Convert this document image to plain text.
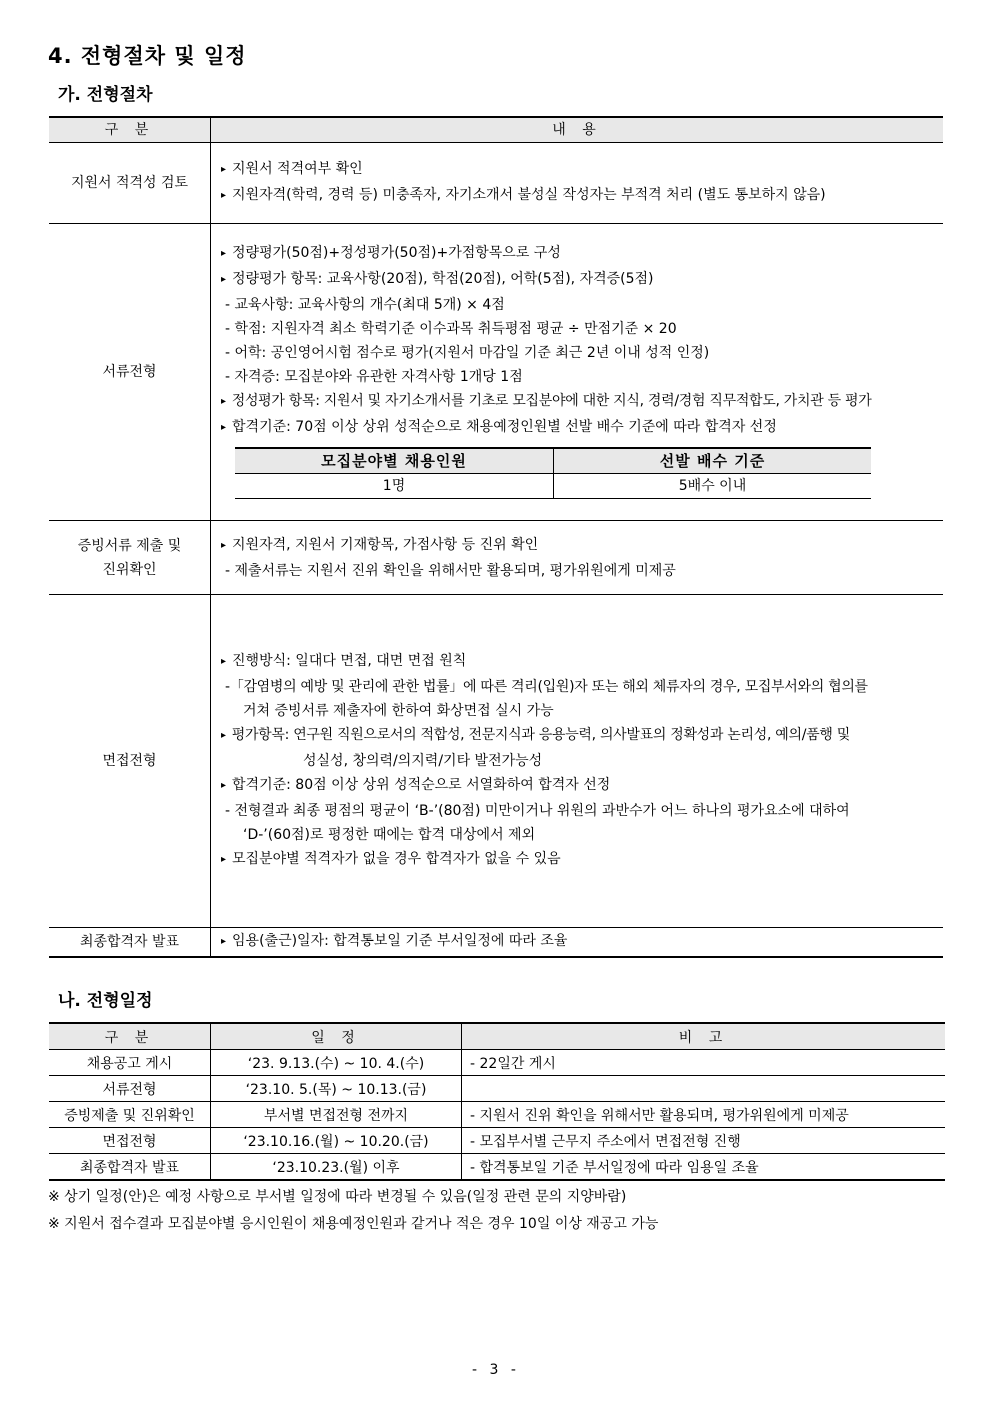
4. 전형절차 및 일정
가. 전형절차
구 분	내 용
지원서 적격성 검토	
▸ 지원서 적격여부 확인
▸ 지원자격(학력, 경력 등) 미충족자, 자기소개서 불성실 작성자는 부적격 처리 (별도 통보하지 않음)

서류전형	
▸ 정량평가(50점)+정성평가(50점)+가점항목으로 구성
▸ 정량평가 항목: 교육사항(20점), 학점(20점), 어학(5점), 자격증(5점)
- 교육사항: 교육사항의 개수(최대 5개) × 4점
- 학점: 지원자격 최소 학력기준 이수과목 취득평점 평균 ÷ 만점기준 × 20
- 어학: 공인영어시험 점수로 평가(지원서 마감일 기준 최근 2년 이내 성적 인정)
- 자격증: 모집분야와 유관한 자격사항 1개당 1점
▸ 정성평가 항목: 지원서 및 자기소개서를 기초로 모집분야에 대한 지식, 경력/경험 직무적합도, 가치관 등 평가
▸ 합격기준: 70점 이상 상위 성적순으로 채용예정인원별 선발 배수 기준에 따라 합격자 선정
모집분야별 채용인원	선발 배수 기준
1명	5배수 이내

증빙서류 제출 및
진위확인

▸ 지원자격, 지원서 기재항목, 가점사항 등 진위 확인
- 제출서류는 지원서 진위 확인을 위해서만 활용되며, 평가위원에게 미제공

면접전형	
▸ 진행방식: 일대다 면접, 대면 면접 원칙
-「감염병의 예방 및 관리에 관한 법률」에 따른 격리(입원)자 또는 해외 체류자의 경우, 모집부서와의 협의를
거쳐 증빙서류 제출자에 한하여 화상면접 실시 가능
▸ 평가항목: 연구원 직원으로서의 적합성, 전문지식과 응용능력, 의사발표의 정확성과 논리성, 예의/품행 및
성실성, 창의력/의지력/기타 발전가능성
▸ 합격기준: 80점 이상 상위 성적순으로 서열화하여 합격자 선정
- 전형결과 최종 평점의 평균이 ‘B-’(80점) 미만이거나 위원의 과반수가 어느 하나의 평가요소에 대하여
‘D-’(60점)로 평정한 때에는 합격 대상에서 제외
▸ 모집분야별 적격자가 없을 경우 합격자가 없을 수 있음

최종합격자 발표	
▸임용(출근)일자: 합격통보일 기준 부서일정에 따라 조율
나. 전형일정
구 분	일 정	비 고
채용공고 게시	‘23. 9.13.(수) ~ 10. 4.(수)	- 22일간 게시
서류전형	‘23.10. 5.(목) ~ 10.13.(금)	
증빙제출 및 진위확인	부서별 면접전형 전까지	- 지원서 진위 확인을 위해서만 활용되며, 평가위원에게 미제공
면접전형	‘23.10.16.(월) ~ 10.20.(금)	- 모집부서별 근무지 주소에서 면접전형 진행
최종합격자 발표	‘23.10.23.(월) 이후	- 합격통보일 기준 부서일정에 따라 임용일 조율
※ 상기 일정(안)은 예정 사항으로 부서별 일정에 따라 변경될 수 있음(일정 관련 문의 지양바람)
※ 지원서 접수결과 모집분야별 응시인원이 채용예정인원과 같거나 적은 경우 10일 이상 재공고 가능
- 3 -
